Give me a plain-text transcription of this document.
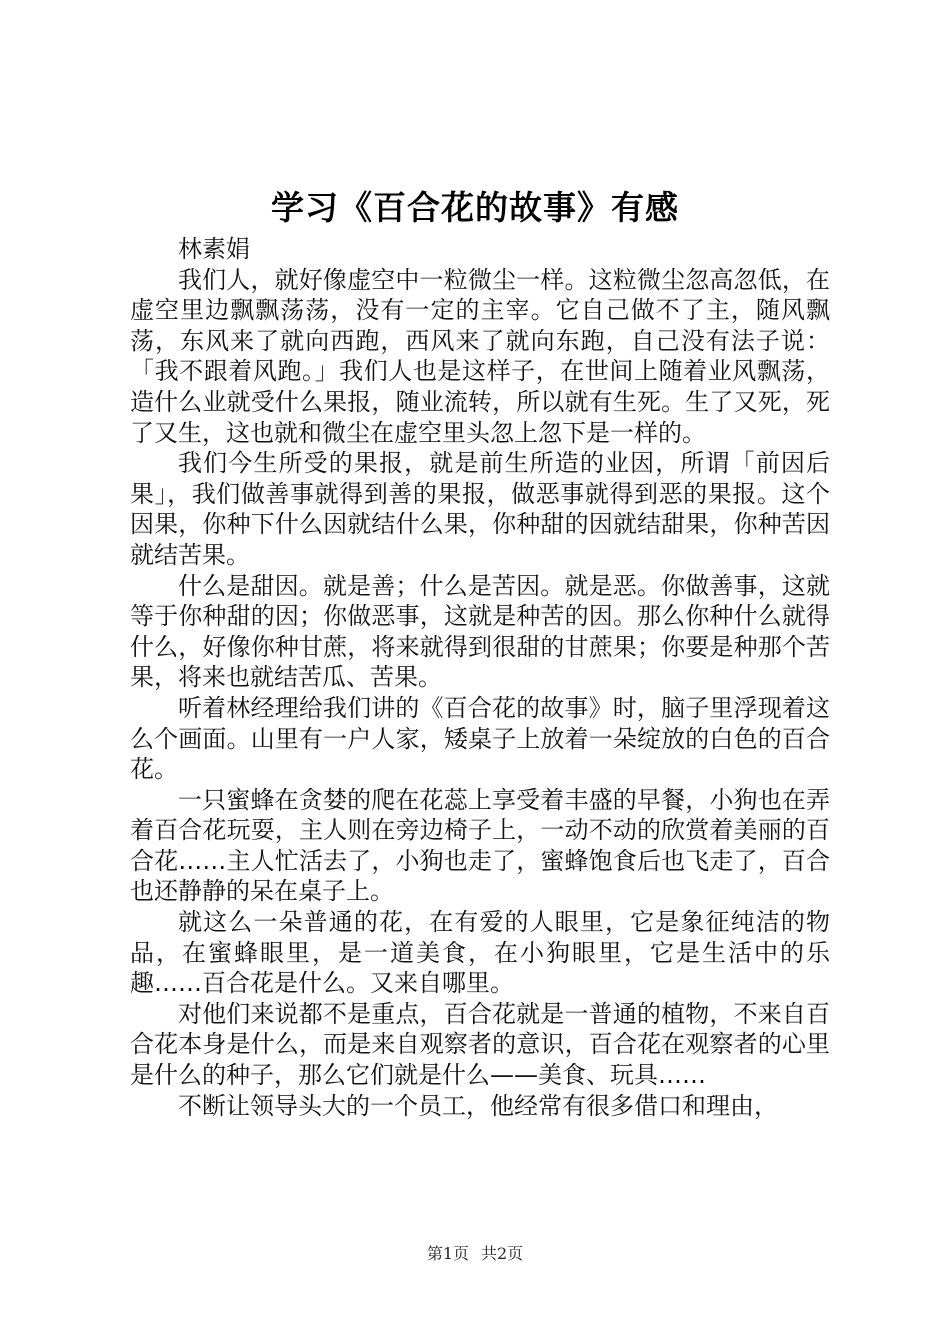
学习《百合花的故事》有感

林素娟

我们人，就好像虚空中一粒微尘一样。这粒微尘忽高忽低，在虚空里边飘飘荡荡，没有一定的主宰。它自己做不了主，随风飘荡，东风来了就向西跑，西风来了就向东跑，自己没有法子说：「我不跟着风跑。」我们人也是这样子，在世间上随着业风飘荡，造什么业就受什么果报，随业流转，所以就有生死。生了又死，死了又生，这也就和微尘在虚空里头忽上忽下是一样的。

我们今生所受的果报，就是前生所造的业因，所谓「前因后果」，我们做善事就得到善的果报，做恶事就得到恶的果报。这个因果，你种下什么因就结什么果，你种甜的因就结甜果，你种苦因就结苦果。

什么是甜因。就是善；什么是苦因。就是恶。你做善事，这就等于你种甜的因；你做恶事，这就是种苦的因。那么你种什么就得什么，好像你种甘蔗，将来就得到很甜的甘蔗果；你要是种那个苦果，将来也就结苦瓜、苦果。

听着林经理给我们讲的《百合花的故事》时，脑子里浮现着这么个画面。山里有一户人家，矮桌子上放着一朵绽放的白色的百合花。

一只蜜蜂在贪婪的爬在花蕊上享受着丰盛的早餐，小狗也在弄着百合花玩耍，主人则在旁边椅子上，一动不动的欣赏着美丽的百合花……主人忙活去了，小狗也走了，蜜蜂饱食后也飞走了，百合也还静静的呆在桌子上。

就这么一朵普通的花，在有爱的人眼里，它是象征纯洁的物品，在蜜蜂眼里，是一道美食，在小狗眼里，它是生活中的乐趣……百合花是什么。又来自哪里。

对他们来说都不是重点，百合花就是一普通的植物，不来自百合花本身是什么，而是来自观察者的意识，百合花在观察者的心里是什么的种子，那么它们就是什么——美食、玩具……

不断让领导头大的一个员工，他经常有很多借口和理由，

第1页 共2页
